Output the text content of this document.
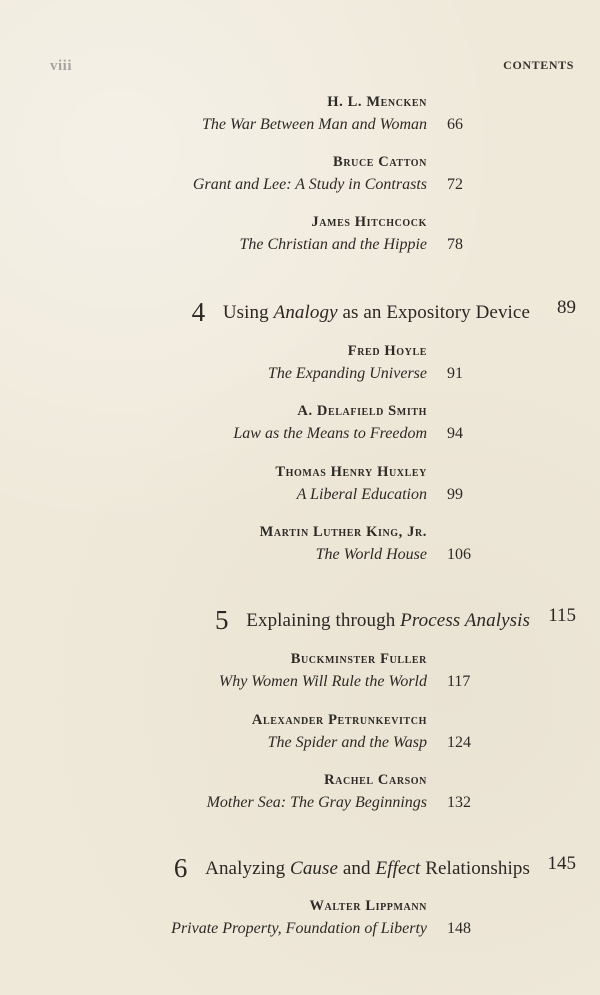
viii	CONTENTS
H. L. Mencken
The War Between Man and Woman 66
Bruce Catton
Grant and Lee: A Study in Contrasts 72
James Hitchcock
The Christian and the Hippie 78
4 Using Analogy as an Expository Device 89
Fred Hoyle
The Expanding Universe 91
A. Delafield Smith
Law as the Means to Freedom 94
Thomas Henry Huxley
A Liberal Education 99
Martin Luther King, Jr.
The World House 106
5 Explaining through Process Analysis 115
Buckminster Fuller
Why Women Will Rule the World 117
Alexander Petrunkevitch
The Spider and the Wasp 124
Rachel Carson
Mother Sea: The Gray Beginnings 132
6 Analyzing Cause and Effect Relationships 145
Walter Lippmann
Private Property, Foundation of Liberty 148
